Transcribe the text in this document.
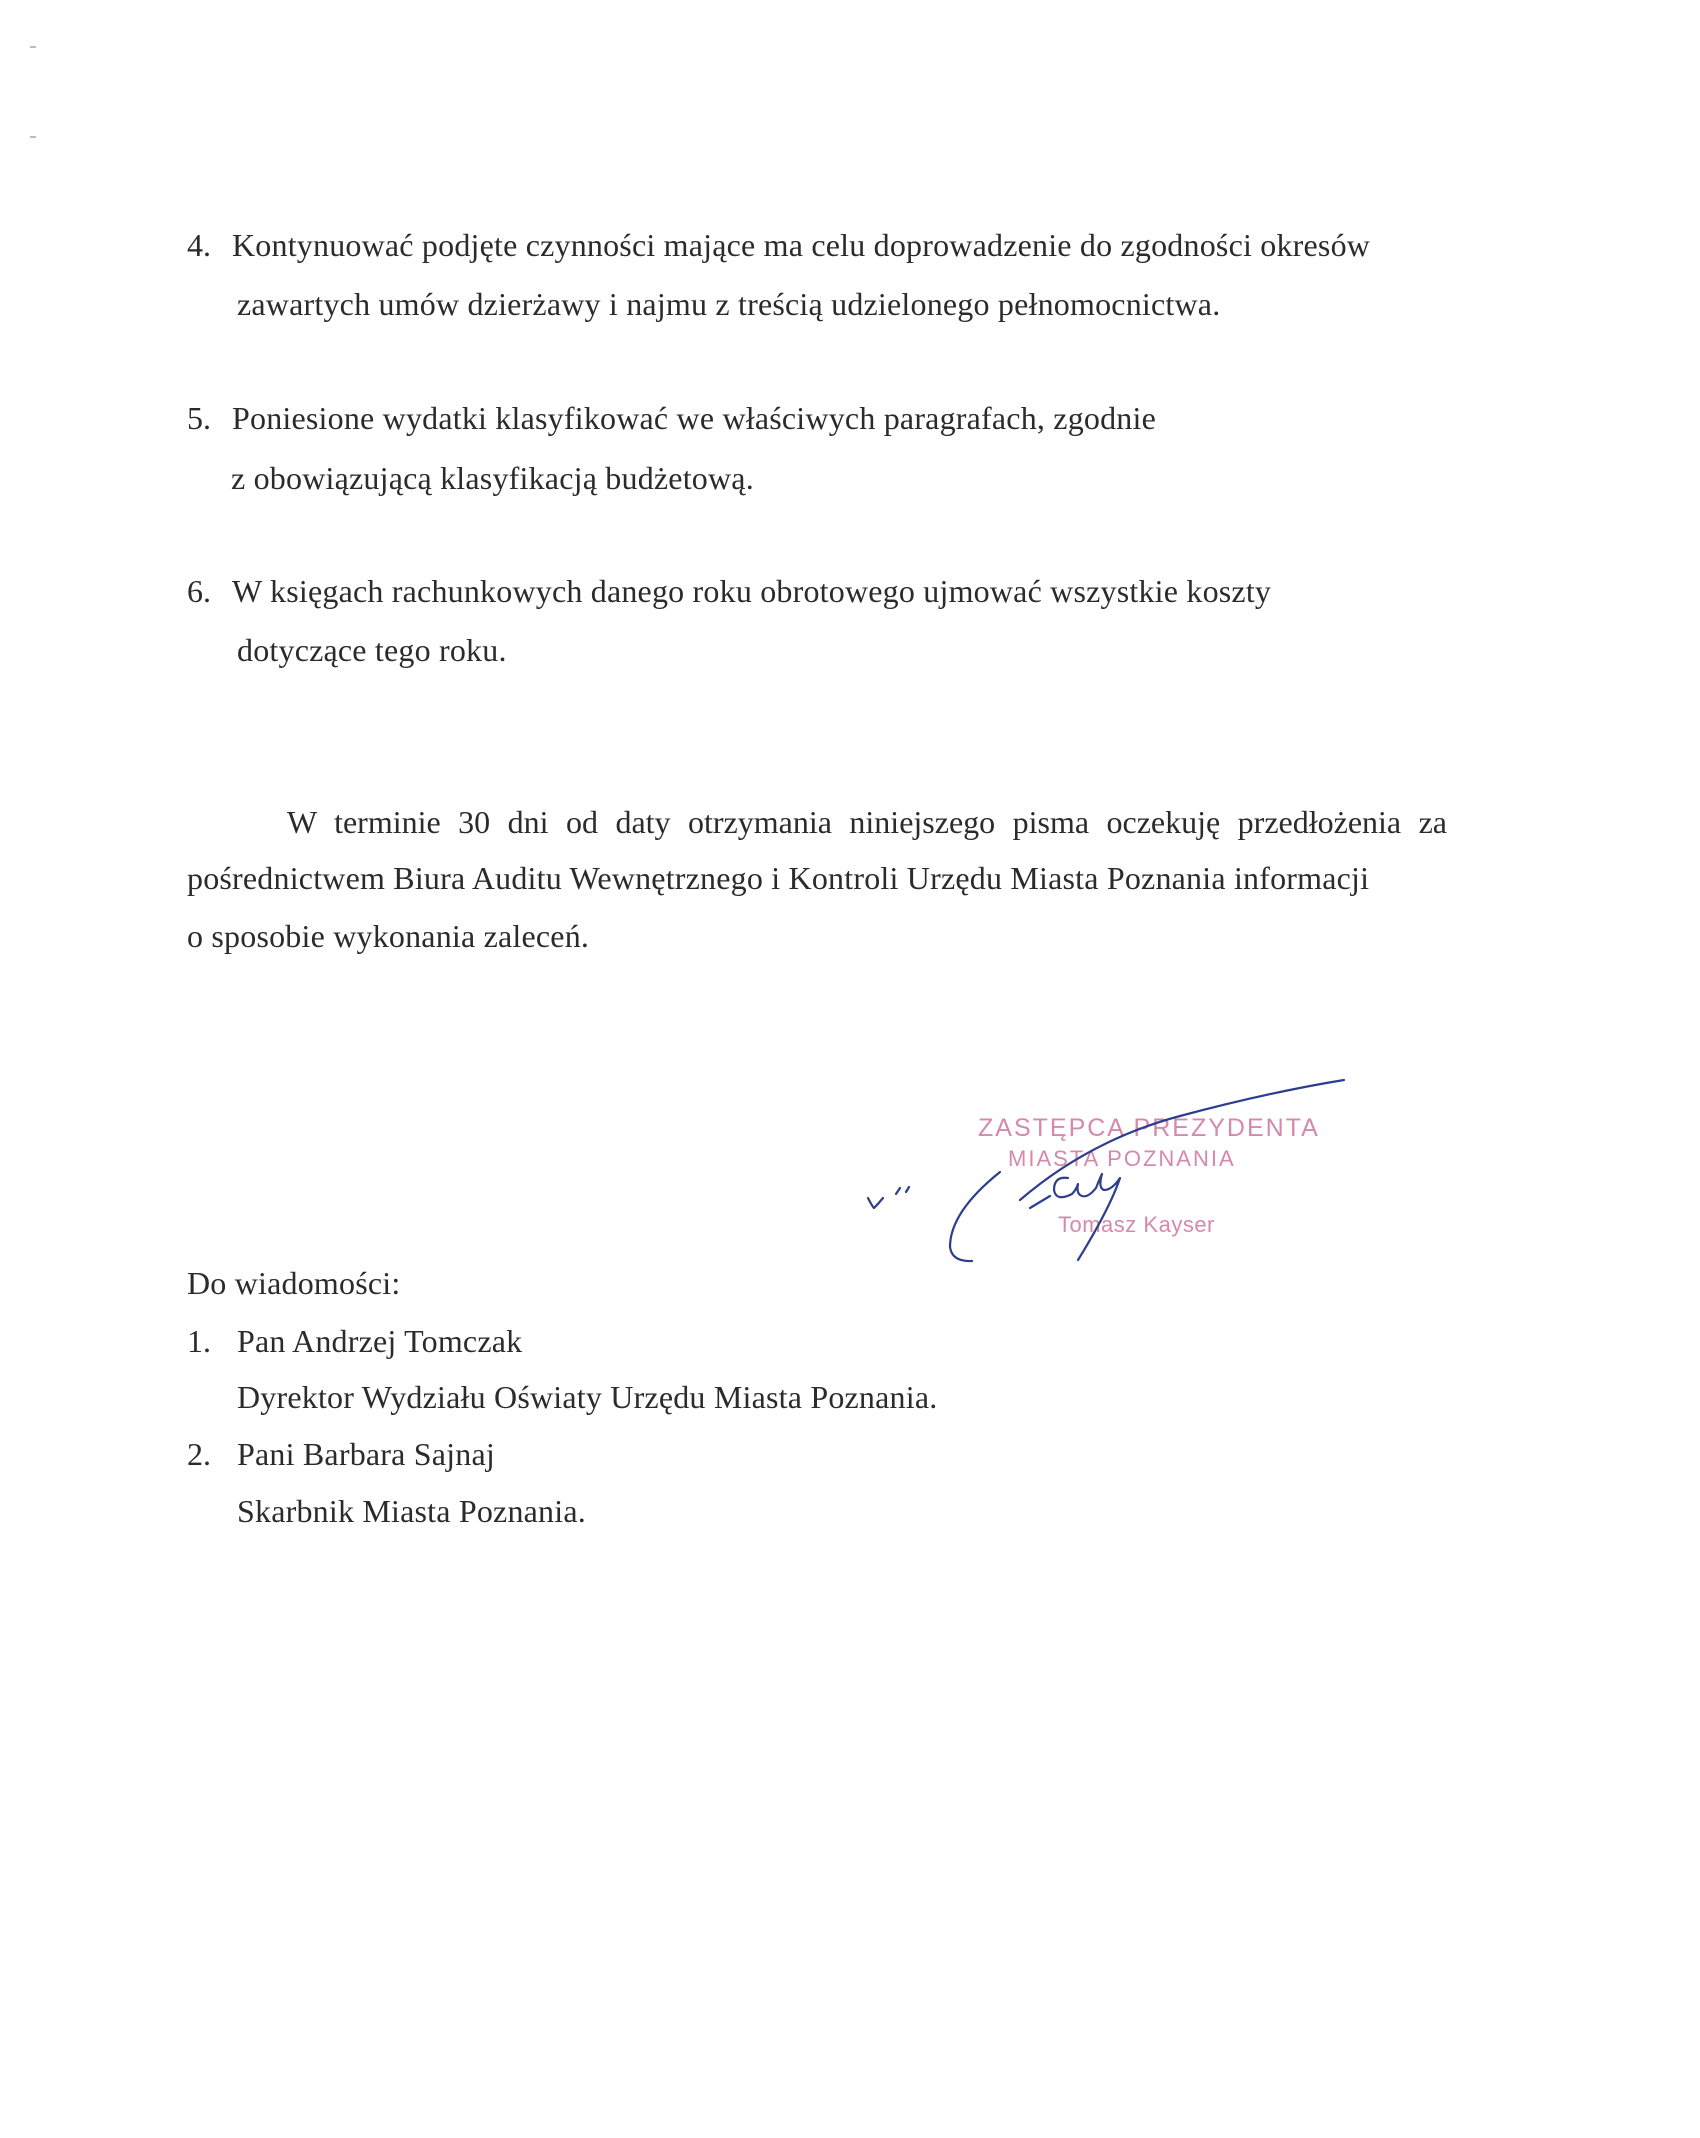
4. Kontynuować podjęte czynności mające ma celu doprowadzenie do zgodności okresów
zawartych umów dzierżawy i najmu z treścią udzielonego pełnomocnictwa.
5. Poniesione wydatki klasyfikować we właściwych paragrafach, zgodnie
z obowiązującą klasyfikacją budżetową.
6. W księgach rachunkowych danego roku obrotowego ujmować wszystkie koszty
dotyczące tego roku.
W terminie 30 dni od daty otrzymania niniejszego pisma oczekuję przedłożenia za
pośrednictwem Biura Auditu Wewnętrznego i Kontroli Urzędu Miasta Poznania informacji
o sposobie wykonania zaleceń.
ZASTĘPCA PREZYDENTA
MIASTA POZNANIA
Tomasz Kayser
Do wiadomości:
1. Pan Andrzej Tomczak
Dyrektor Wydziału Oświaty Urzędu Miasta Poznania.
2. Pani Barbara Sajnaj
Skarbnik Miasta Poznania.
